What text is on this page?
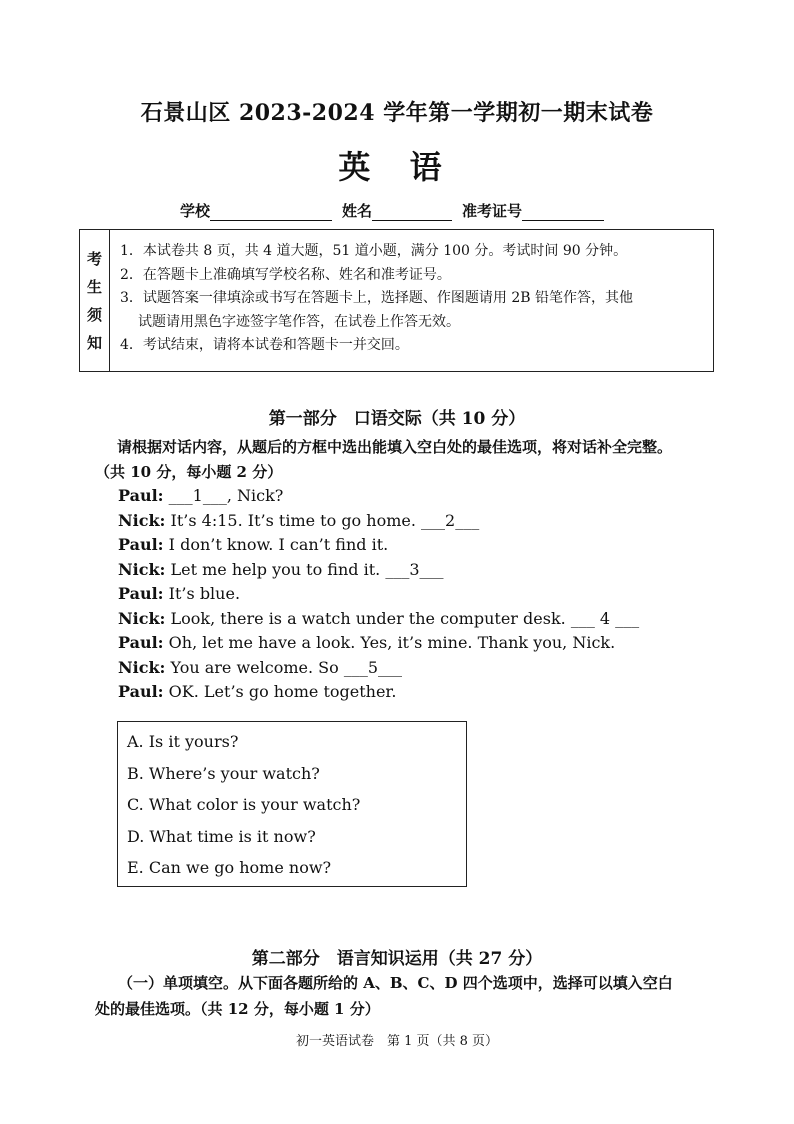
石景山区 2023-2024 学年第一学期初一期末试卷
英 语
学校	姓名	准考证号
考
生
须
知
1．本试卷共 8 页，共 4 道大题，51 道小题，满分 100 分。考试时间 90 分钟。
2．在答题卡上准确填写学校名称、姓名和准考证号。
3．试题答案一律填涂或书写在答题卡上，选择题、作图题请用 2B 铅笔作答，其他
试题请用黑色字迹签字笔作答，在试卷上作答无效。
4．考试结束，请将本试卷和答题卡一并交回。
第一部分　口语交际（共 10 分）
请根据对话内容，从题后的方框中选出能填入空白处的最佳选项，将对话补全完整。
（共 10 分，每小题 2 分）
Paul: ___1___, Nick?
Nick: It’s 4:15. It’s time to go home. ___2___
Paul: I don’t know. I can’t find it.
Nick: Let me help you to find it. ___3___
Paul: It’s blue.
Nick: Look, there is a watch under the computer desk. ___ 4 ___
Paul: Oh, let me have a look. Yes, it’s mine. Thank you, Nick.
Nick: You are welcome. So ___5___
Paul: OK. Let’s go home together.
A. Is it yours?
B. Where’s your watch?
C. What color is your watch?
D. What time is it now?
E. Can we go home now?
第二部分　语言知识运用（共 27 分）
（一）单项填空。从下面各题所给的 A、B、C、D 四个选项中，选择可以填入空白
处的最佳选项。（共 12 分，每小题 1 分）
初一英语试卷　第 1 页（共 8 页）
